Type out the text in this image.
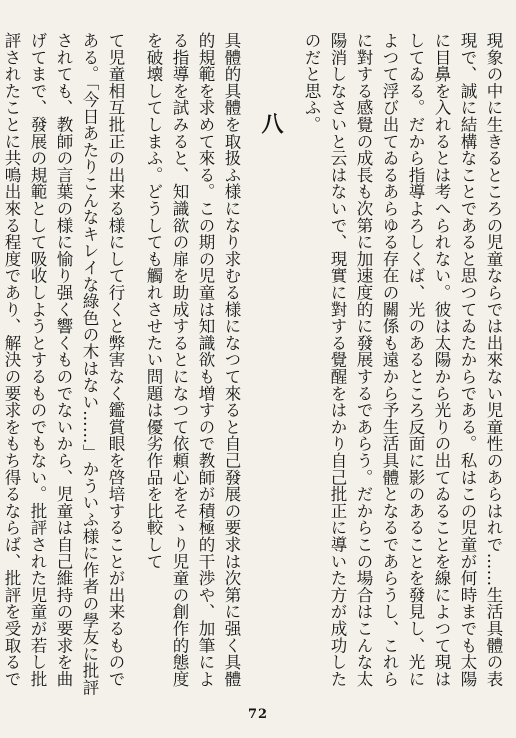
現象の中に生きるところの児童ならでは出來ない児童性のあらはれで……生活具體の表現で、誠に結構なことであると思つてゐたからである。私はこの児童が何時までも太陽に目鼻を入れるとは考へられない。彼は太陽から光りの出てゐることを線によつて現はしてゐる。だから指導よろしくば、光のあるところ反面に影のあることを發見し、光によつて浮び出てゐるあらゆる存在の關係も遠から予生活具體となるであらうし、これらに對する感覺の成長も次第に加速度的に發展するであらう。だからこの場合はこんな太陽消しなさいと云はないで、現實に對する覺醒をはかり自己批正に導いた方が成功したのだと思ふ。

八

具體的具體を取扱ふ様になり求むる様になつて來ると自己發展の要求は次第に强く具體的規範を求めて來る。この期の児童は知識欲も増すので教師が積極的干渉や、加筆による指導を試みると、知識欲の扉を助成するとになつて依頼心をそゝり児童の創作的態度を破壊してしまふ。どうしても觸れさせたい問題は優劣作品を比較して

て児童相互批正の出来る様にして行くと弊害なく鑑賞眼を啓培することが出来るものである。「今日あたりこんなキレイな綠色の木はない……」かういふ様に作者の學友に批評されても、教師の言葉の様に愉り强く響くものでないから、児童は自己維持の要求を曲げてまで、發展の規範として吸收しようとするものでもない。批評された児童が若し批評されたことに共鳴出來る程度であり、解決の要求をもち得るならば、批評を受取るで

72
